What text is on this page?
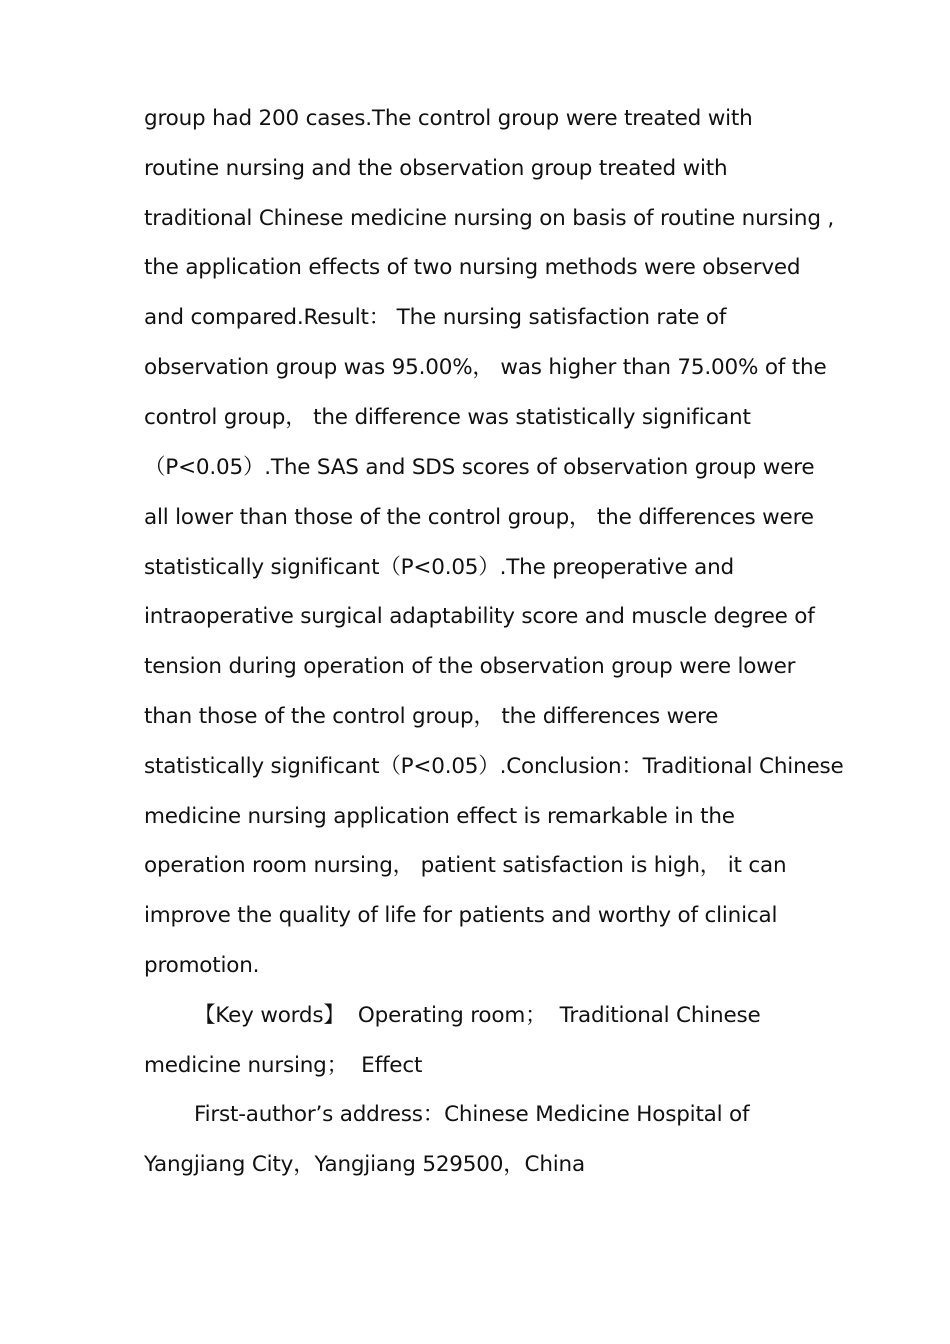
group had 200 cases.The control group were treated with
routine nursing and the observation group treated with
traditional Chinese medicine nursing on basis of routine nursing ,
the application effects of two nursing methods were observed
and compared.Result： The nursing satisfaction rate of
observation group was 95.00%， was higher than 75.00% of the
control group， the difference was statistically significant
（P<0.05）.The SAS and SDS scores of observation group were
all lower than those of the control group， the differences were
statistically significant（P<0.05）.The preoperative and
intraoperative surgical adaptability score and muscle degree of
tension during operation of the observation group were lower
than those of the control group， the differences were
statistically significant（P<0.05）.Conclusion：Traditional Chinese
medicine nursing application effect is remarkable in the
operation room nursing， patient satisfaction is high， it can
improve the quality of life for patients and worthy of clinical
promotion.
【Key words】  Operating room；  Traditional Chinese
medicine nursing；  Effect
First-author’s address：Chinese Medicine Hospital of
Yangjiang City，Yangjiang 529500，China
